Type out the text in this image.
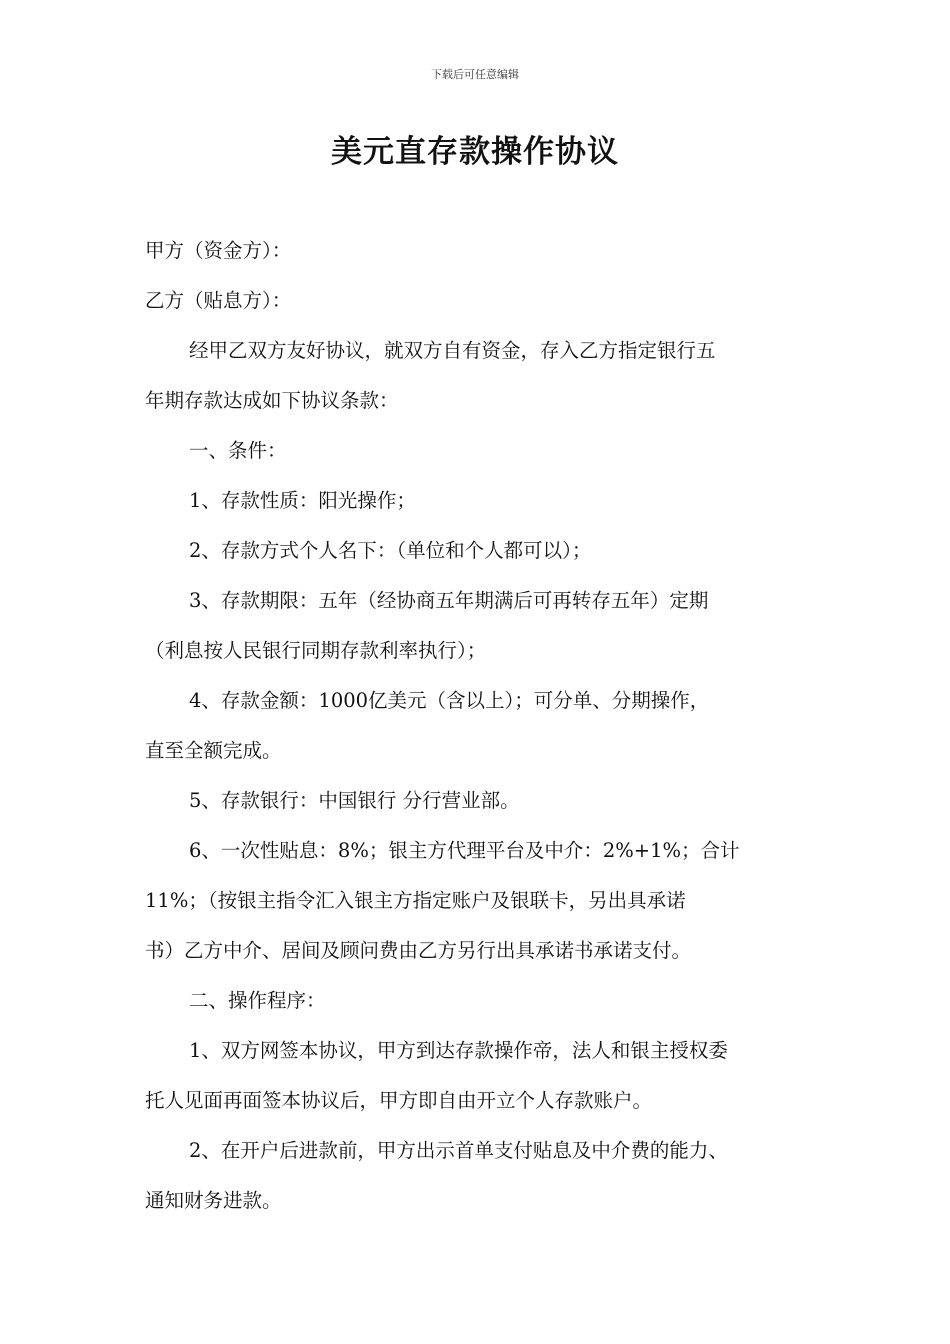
下载后可任意编辑
美元直存款操作协议
甲方（资金方）：
乙方（贴息方）：
经甲乙双方友好协议，就双方自有资金，存入乙方指定银行五
年期存款达成如下协议条款：
一、条件：
1、存款性质：阳光操作；
2、存款方式个人名下：（单位和个人都可以）；
3、存款期限：五年（经协商五年期满后可再转存五年）定期
（利息按人民银行同期存款利率执行）；
4、存款金额：1000亿美元（含以上）；可分单、分期操作，
直至全额完成。
5、存款银行：中国银行 分行营业部。
6、一次性贴息：8%；银主方代理平台及中介：2%+1%；合计
11%；（按银主指令汇入银主方指定账户及银联卡，另出具承诺
书）乙方中介、居间及顾问费由乙方另行出具承诺书承诺支付。
二、操作程序：
1、双方网签本协议，甲方到达存款操作帝，法人和银主授权委
托人见面再面签本协议后，甲方即自由开立个人存款账户。
2、在开户后进款前，甲方出示首单支付贴息及中介费的能力、
通知财务进款。
